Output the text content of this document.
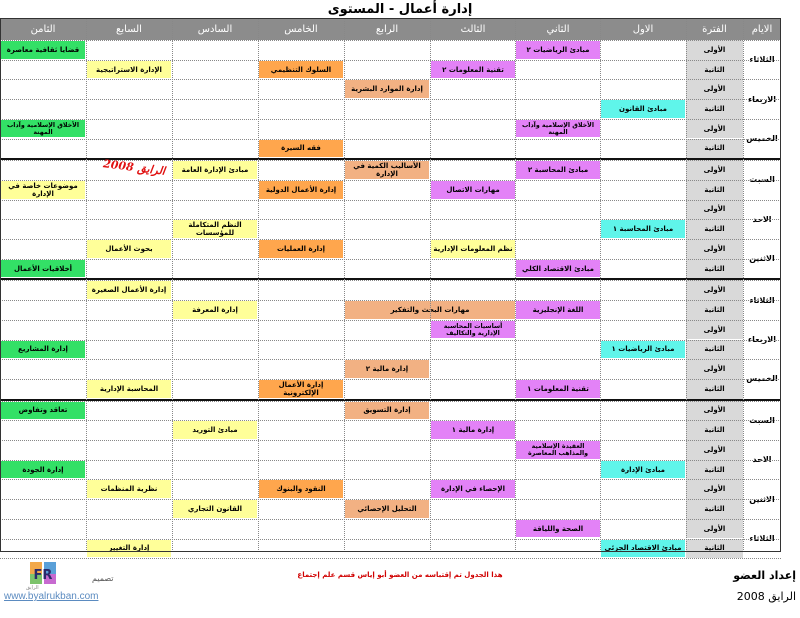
إدارة أعمال - المستوى
الايام
الفترة
الاول
الثاني
الثالث
الرابع
الخامس
السادس
السابع
الثامن
الثلاثاء
الأولى
الثانية
الاربعاء
الأولى
الثانية
الخميس
الأولى
الثانية
السبت
الأولى
الثانية
الاحد
الأولى
الثانية
الاثنين
الأولى
الثانية
الثلاثاء
الأولى
الثانية
الاربعاء
الأولى
الثانية
الخميس
الأولى
الثانية
السبت
الأولى
الثانية
الاحد
الأولى
الثانية
الاثنين
الأولى
الثانية
الثلاثاء
الأولى
الثانية
مبادئ الرياضيات ٢
تقنية المعلومات ٢
السلوك التنظيمي
الإدارة الاستراتيجية
قضايا ثقافية معاصرة
إدارة الموارد البشرية
مبادئ القانون
الأخلاق الإسلامية وآداب المهنة
الأخلاق الإسلامية وآداب المهنة
فقه السيرة
مبادئ المحاسبة ٢
الأساليب الكمية في الإدارة
مبادئ الإدارة العامة
مهارات الاتصال
إدارة الأعمال الدولية
موضوعات خاصة في الإدارة
مبادئ المحاسبة ١
النظم المتكاملة للمؤسسات
نظم المعلومات الإدارية
إدارة العمليات
بحوث الأعمال
مبادئ الاقتصاد الكلي
أخلاقيات الأعمال
إدارة الأعمال الصغيرة
اللغة الإنجليزية
مهارات البحث والتفكير
إدارة المعرفة
أساسيات المحاسبة الإدارية والتكاليف
مبادئ الرياضيات ١
إدارة المشاريع
إدارة مالية ٢
تقنية المعلومات ١
إدارة الأعمال الإلكترونية
المحاسبة الإدارية
إدارة التسويق
تعاقد وتفاوض
إدارة مالية ١
مبادئ التوريد
العقيدة الإسلامية والمذاهب المعاصرة
مبادئ الإدارة
إدارة الجودة
الإحصاء في الإدارة
النقود والبنوك
نظرية المنظمات
التحليل الإحصائي
القانون التجاري
الصحة واللياقة
مبادئ الاقتصاد الجزئي
إدارة التغيير
الرايق 2008
FR
الرايق
تصميم	هذا الجدول تم إقتباسه من العضو أبو إياس قسم علم إجتماع
www.byalrukban.com
إعداد العضو
الرايق 2008
